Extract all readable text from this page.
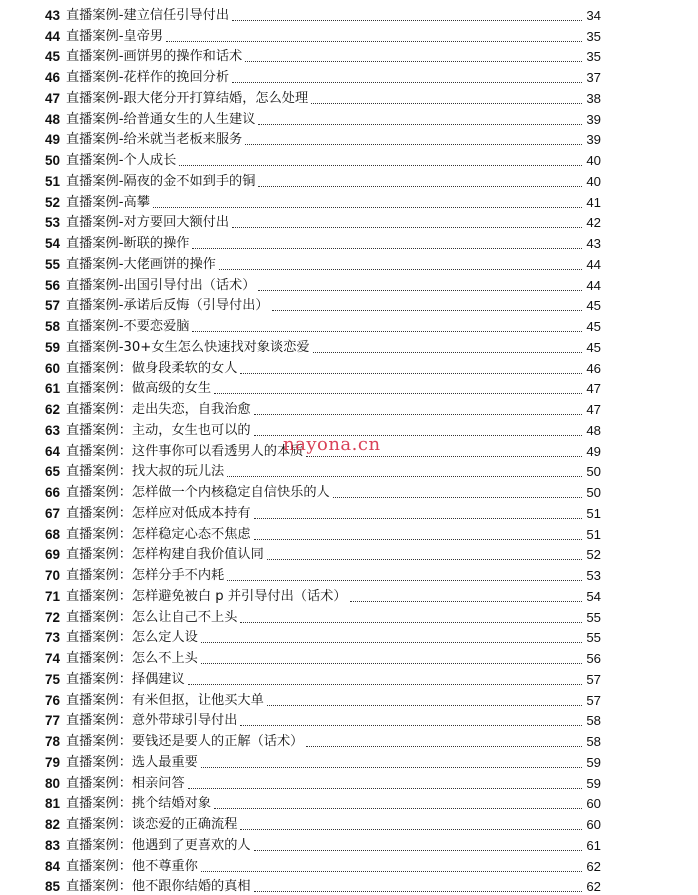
43 直播案例-建立信任引导付出	34
44 直播案例-皇帝男	35
45 直播案例-画饼男的操作和话术	35
46 直播案例-花样作的挽回分析	37
47 直播案例-跟大佬分开打算结婚，怎么处理	38
48 直播案例-给普通女生的人生建议	39
49 直播案例-给米就当老板来服务	39
50 直播案例-个人成长	40
51 直播案例-隔夜的金不如到手的铜	40
52 直播案例-高攀	41
53 直播案例-对方要回大额付出	42
54 直播案例-断联的操作	43
55 直播案例-大佬画饼的操作	44
56 直播案例-出国引导付出（话术）	44
57 直播案例-承诺后反悔（引导付出）	45
58 直播案例-不要恋爱脑	45
59 直播案例-30+女生怎么快速找对象谈恋爱	45
60 直播案例：做身段柔软的女人	46
61 直播案例：做高级的女生	47
62 直播案例：走出失恋，自我治愈	47
63 直播案例：主动，女生也可以的	48
64 直播案例：这件事你可以看透男人的本质	49
65 直播案例：找大叔的玩儿法	50
66 直播案例：怎样做一个内核稳定自信快乐的人	50
67 直播案例：怎样应对低成本持有	51
68 直播案例：怎样稳定心态不焦虑	51
69 直播案例：怎样构建自我价值认同	52
70 直播案例：怎样分手不内耗	53
71 直播案例：怎样避免被白 p 并引导付出（话术）	54
72 直播案例：怎么让自己不上头	55
73 直播案例：怎么定人设	55
74 直播案例：怎么不上头	56
75 直播案例：择偶建议	57
76 直播案例：有米但抠，让他买大单	57
77 直播案例：意外带球引导付出	58
78 直播案例：要钱还是要人的正解（话术）	58
79 直播案例：选人最重要	59
80 直播案例：相亲问答	59
81 直播案例：挑个结婚对象	60
82 直播案例：谈恋爱的正确流程	60
83 直播案例：他遇到了更喜欢的人	61
84 直播案例：他不尊重你	62
85 直播案例：他不跟你结婚的真相	62
nayona.cn
